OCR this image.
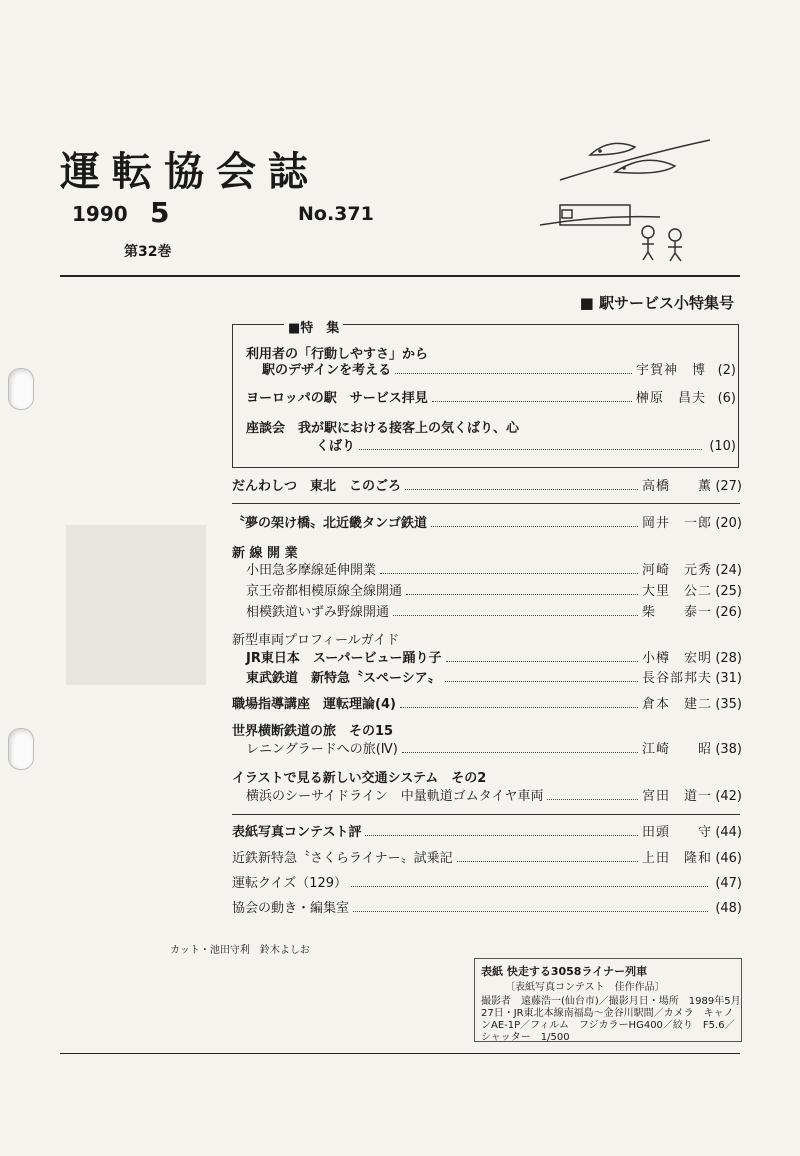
運転協会誌
1990 5	No.371
第32巻
■ 駅サービス小特集号
■特　集
利用者の「行動しやすさ」から
駅のデザインを考える	宇賀神　博 (2)
ヨーロッパの駅　サービス拝見	榊原　昌夫 (6)
座談会　我が駅における接客上の気くばり、心
くばり	(10)
だんわしつ　東北　このごろ	高橋　　薫 (27)
〝夢の架け橋〟北近畿タンゴ鉄道	岡井　一郎 (20)
新 線 開 業
小田急多摩線延伸開業	河崎　元秀 (24)
京王帝都相模原線全線開通	大里　公二 (25)
相模鉄道いずみ野線開通	柴　　泰一 (26)
新型車両プロフィールガイド
JR東日本　スーパービュー踊り子	小樽　宏明 (28)
東武鉄道　新特急〝スペーシア〟	長谷部邦夫 (31)
職場指導講座　運転理論(4)	倉本　建二 (35)
世界横断鉄道の旅　その15
レニングラードへの旅(Ⅳ)	江崎　　昭 (38)
イラストで見る新しい交通システム　その2
横浜のシーサイドライン　中量軌道ゴムタイヤ車両	宮田　道一 (42)
表紙写真コンテスト評	田頭　　守 (44)
近鉄新特急〝さくらライナー〟試乗記	上田　隆和 (46)
運転クイズ（129）	(47)
協会の動き・編集室	(48)
カット・池田守利　鈴木よしお
表紙 快走する3058ライナー列車
〔表紙写真コンテスト　佳作作品〕
撮影者　遠藤浩一(仙台市)／撮影月日・場所　1989年5月
27日・JR東北本線南福島～金谷川駅間／カメラ　キャノ
ンAE-1P／フィルム　フジカラーHG400／絞り　F5.6／
シャッター　1/500
